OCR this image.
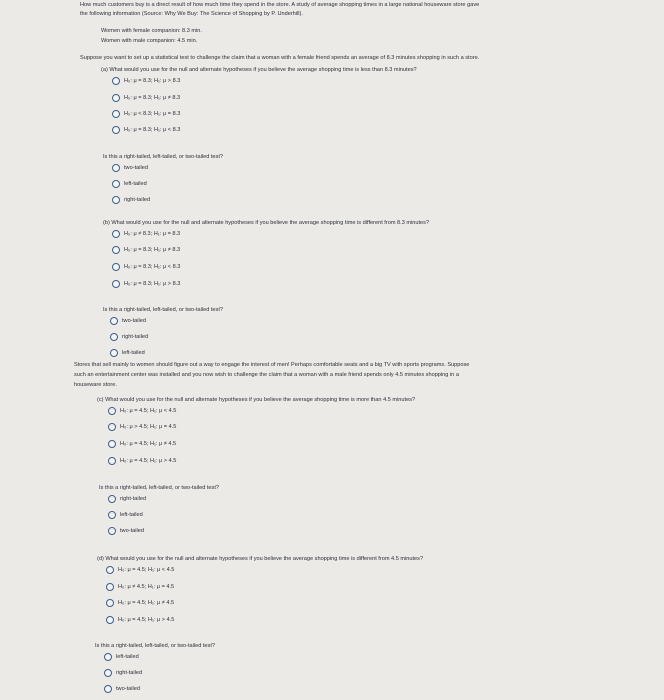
How much customers buy is a direct result of how much time they spend in the store. A study of average shopping times in a large national houseware store gave
the following information (Source: Why We Buy: The Science of Shopping by P. Underhill).
Women with female companion: 8.3 min.
Women with male companion: 4.5 min.
Suppose you want to set up a statistical test to challenge the claim that a woman with a female friend spends an average of 8.3 minutes shopping in such a store.
(a) What would you use for the null and alternate hypotheses if you believe the average shopping time is less than 8.3 minutes?
H₀: μ = 8.3; H₁: μ > 8.3
H₀: μ = 8.3; H₁: μ ≠ 8.3
H₀: μ < 8.3; H₁: μ = 8.3
H₀: μ = 8.3; H₁: μ < 8.3
Is this a right-tailed, left-tailed, or two-tailed test?
two-tailed
left-tailed
right-tailed
(b) What would you use for the null and alternate hypotheses if you believe the average shopping time is different from 8.3 minutes?
H₀: μ ≠ 8.3; H₁: μ = 8.3
H₀: μ = 8.3; H₁: μ ≠ 8.3
H₀: μ = 8.3; H₁: μ < 8.3
H₀: μ = 8.3; H₁: μ > 8.3
Is this a right-tailed, left-tailed, or two-tailed test?
two-tailed
right-tailed
left-tailed
Stores that sell mainly to women should figure out a way to engage the interest of men! Perhaps comfortable seats and a big TV with sports programs. Suppose
such an entertainment center was installed and you now wish to challenge the claim that a woman with a male friend spends only 4.5 minutes shopping in a
houseware store.
(c) What would you use for the null and alternate hypotheses if you believe the average shopping time is more than 4.5 minutes?
H₀: μ = 4.5; H₁: μ < 4.5
H₀: μ > 4.5; H₁: μ = 4.5
H₀: μ = 4.5; H₁: μ ≠ 4.5
H₀: μ = 4.5; H₁: μ > 4.5
Is this a right-tailed, left-tailed, or two-tailed test?
right-tailed
left-tailed
two-tailed
(d) What would you use for the null and alternate hypotheses if you believe the average shopping time is different from 4.5 minutes?
H₀: μ = 4.5; H₁: μ < 4.5
H₀: μ ≠ 4.5; H₁: μ = 4.5
H₀: μ = 4.5; H₁: μ ≠ 4.5
H₀: μ = 4.5; H₁: μ > 4.5
Is this a right-tailed, left-tailed, or two-tailed test?
left-tailed
right-tailed
two-tailed
